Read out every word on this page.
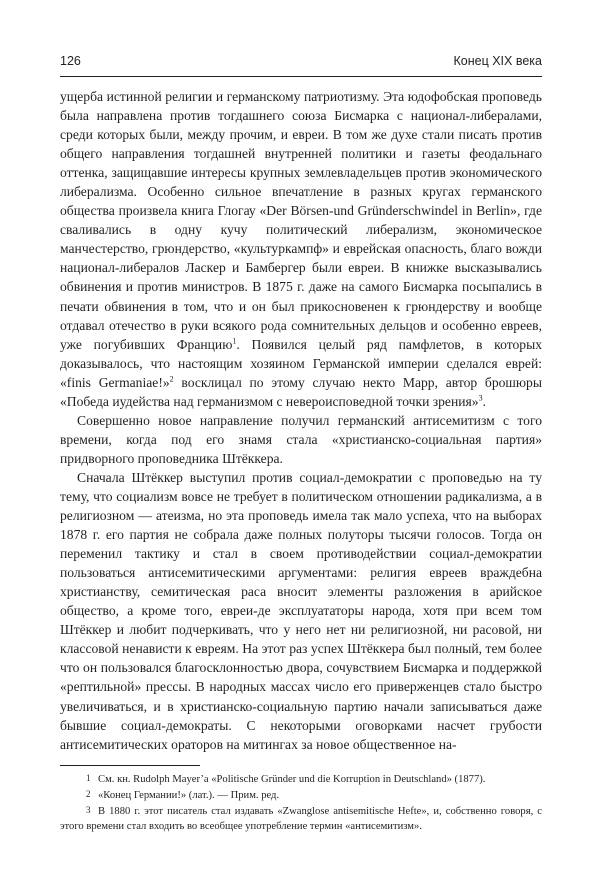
126	Конец XIX века

ущерба истинной религии и германскому патриотизму. Эта юдофобская проповедь была направлена против тогдашнего союза Бисмарка с национал-либералами, среди которых были, между прочим, и евреи. В том же духе стали писать против общего направления тогдашней внутренней политики и газеты феодальнаго оттенка, защищавшие интересы крупных землевладельцев против экономического либерализма. Особенно сильное впечатление в разных кругах германского общества произвела книга Глогау «Der Börsen-und Gründerschwindel in Berlin», где сваливались в одну кучу политический либерализм, экономическое манчестерство, грюндерство, «культуркампф» и еврейская опасность, благо вожди национал-либералов Ласкер и Бамбергер были евреи. В книжке высказывались обвинения и против министров. В 1875 г. даже на самого Бисмарка посыпались в печати обвинения в том, что и он был прикосновенен к грюндерству и вообще отдавал отечество в руки всякого рода сомнительных дельцов и особенно евреев, уже погубивших Францию$^1$. Появился целый ряд памфлетов, в которых доказывалось, что настоящим хозяином Германской империи сделался еврей: «finis Germaniae!»$^2$ восклицал по этому случаю некто Марр, автор брошюры «Победа иудейства над германизмом с невероисповедной точки зрения»$^3$.

Совершенно новое направление получил германский антисемитизм с того времени, когда под его знамя стала «христианско-социальная партия» придворного проповедника Штёккера.

Сначала Штёккер выступил против социал-демократии с проповедью на ту тему, что социализм вовсе не требует в политическом отношении радикализма, а в религиозном — атеизма, но эта проповедь имела так мало успеха, что на выборах 1878 г. его партия не собрала даже полных полуторы тысячи голосов. Тогда он переменил тактику и стал в своем противодействии социал-демократии пользоваться антисемитическими аргументами: религия евреев враждебна христианству, семитическая раса вносит элементы разложения в арийское общество, а кроме того, евреи-де эксплуататоры народа, хотя при всем том Штёккер и любит подчеркивать, что у него нет ни религиозной, ни расовой, ни классовой ненависти к евреям. На этот раз успех Штёккера был полный, тем более что он пользовался благосклонностью двора, сочувствием Бисмарка и поддержкой «рептильной» прессы. В народных массах число его приверженцев стало быстро увеличиваться, и в христианско-социальную партию начали записываться даже бывшие социал-демократы. С некоторыми оговорками насчет грубости антисемитических ораторов на митингах за новое общественное на-

1 См. кн. Rudolph Mayer’a «Politische Gründer und die Korruption in Deutschland» (1877).

2 «Конец Германии!» (лат.). — Прим. ред.

3 В 1880 г. этот писатель стал издавать «Zwanglose antisemitische Hefte», и, собственно говоря, с этого времени стал входить во всеобщее употребление термин «антисемитизм».
